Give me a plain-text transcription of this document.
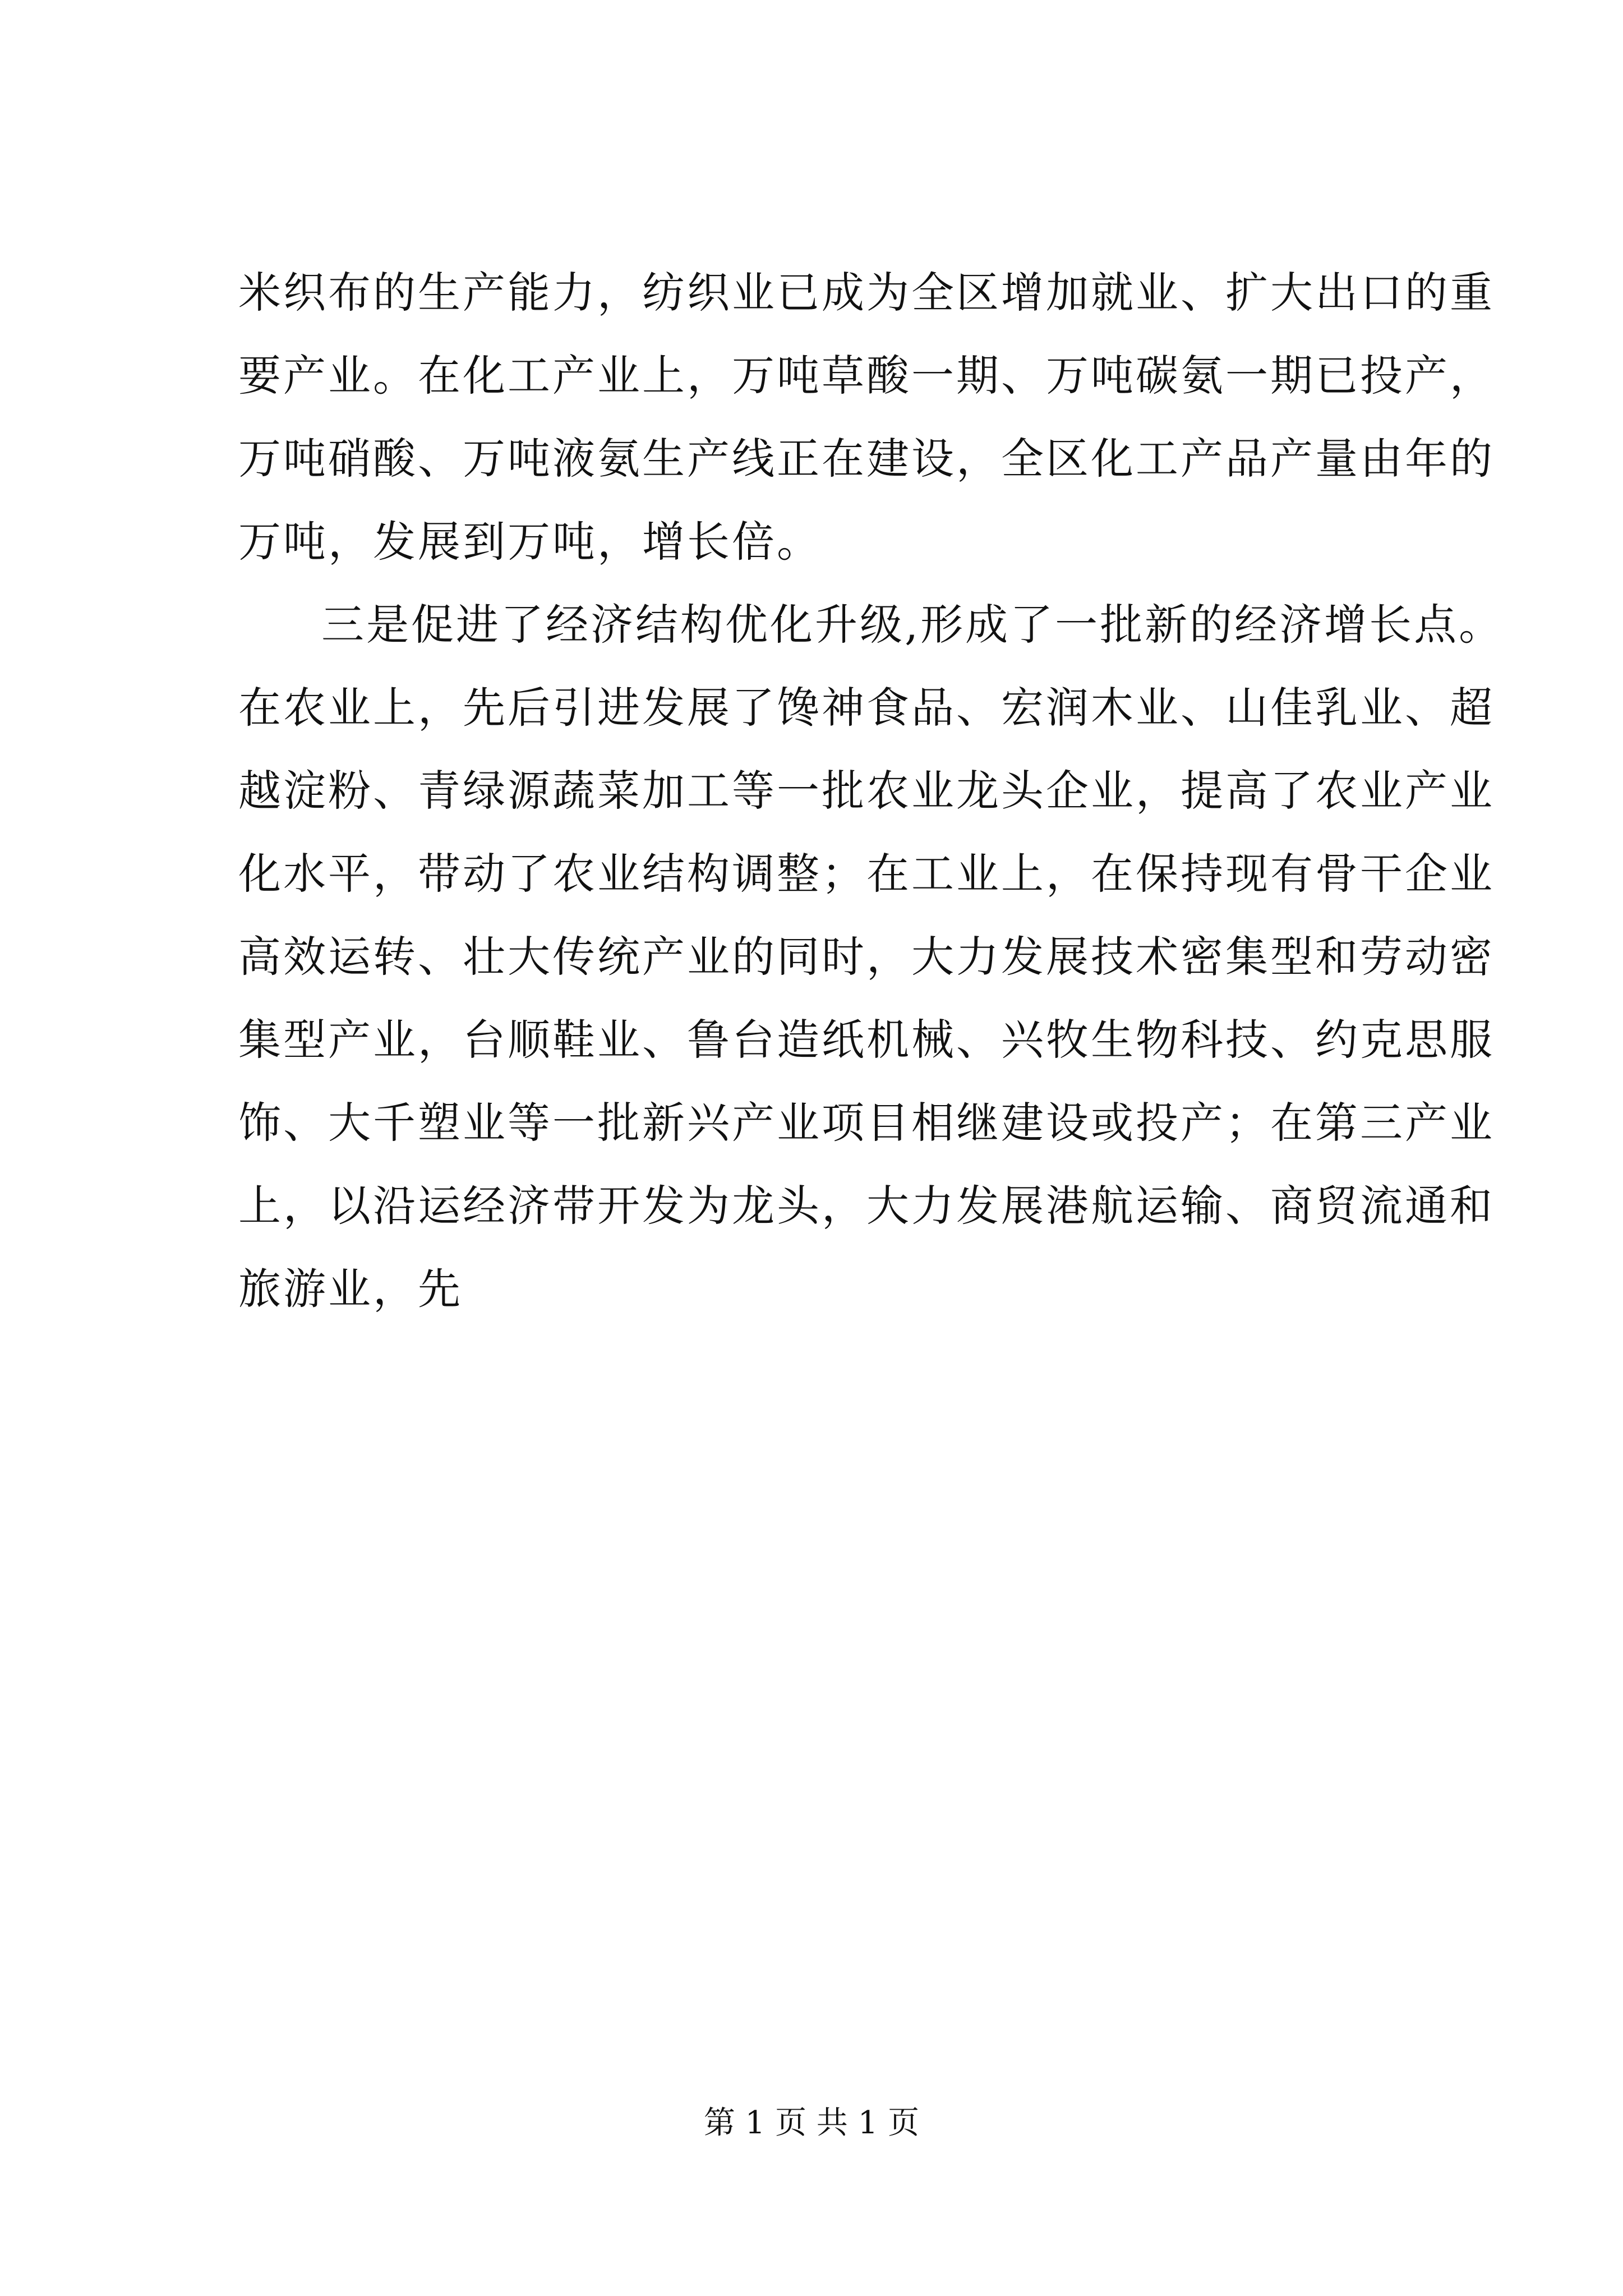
米织布的生产能力，纺织业已成为全区增加就业、扩大出口的重
要产业。在化工产业上，万吨草酸一期、万吨碳氨一期已投产，
万吨硝酸、万吨液氨生产线正在建设，全区化工产品产量由年的
万吨，发展到万吨，增长倍。
三是促进了经济结构优化升级,形成了一批新的经济增长点。
在农业上，先后引进发展了馋神食品、宏润木业、山佳乳业、超
越淀粉、青绿源蔬菜加工等一批农业龙头企业，提高了农业产业
化水平，带动了农业结构调整；在工业上，在保持现有骨干企业
高效运转、壮大传统产业的同时，大力发展技术密集型和劳动密
集型产业，台顺鞋业、鲁台造纸机械、兴牧生物科技、约克思服
饰、大千塑业等一批新兴产业项目相继建设或投产；在第三产业
上，以沿运经济带开发为龙头，大力发展港航运输、商贸流通和
旅游业，先
第 1 页 共 1 页
